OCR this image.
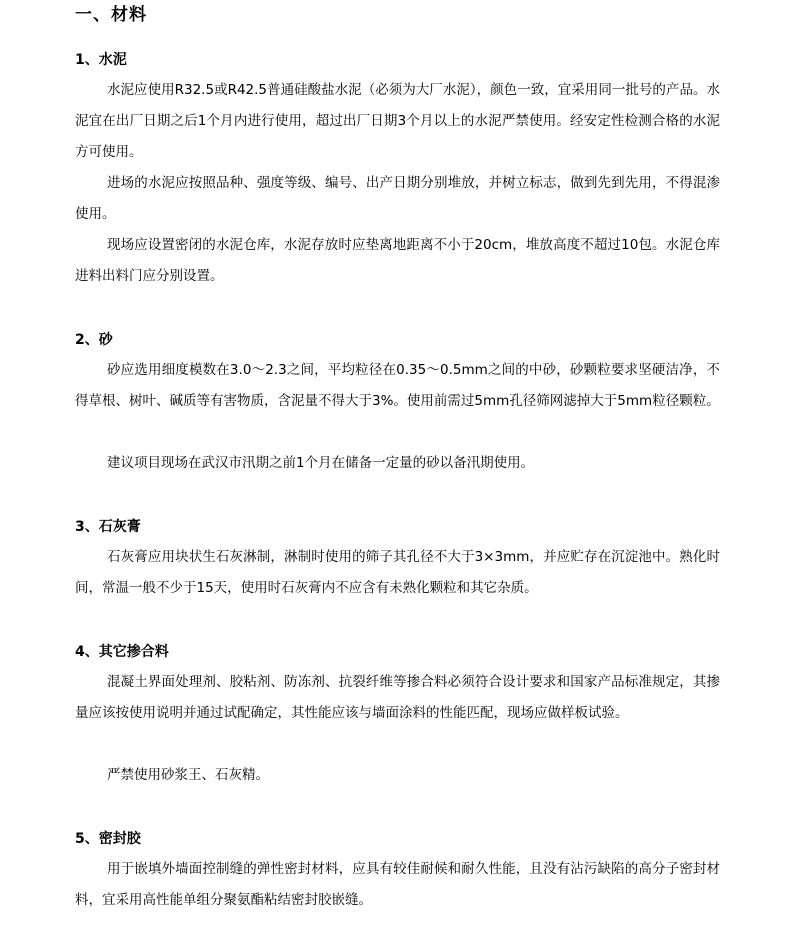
一、材料
1、水泥

水泥应使用R32.5或R42.5普通硅酸盐水泥（必须为大厂水泥），颜色一致，宜采用同一批号的产品。水泥宜在出厂日期之后1个月内进行使用，超过出厂日期3个月以上的水泥严禁使用。经安定性检测合格的水泥方可使用。

进场的水泥应按照品种、强度等级、编号、出产日期分别堆放，并树立标志，做到先到先用，不得混渗使用。

现场应设置密闭的水泥仓库，水泥存放时应垫离地距离不小于20cm，堆放高度不超过10包。水泥仓库进料出料门应分别设置。

2、砂

砂应选用细度模数在3.0～2.3之间，平均粒径在0.35～0.5mm之间的中砂，砂颗粒要求坚硬洁净，不得草根、树叶、碱质等有害物质，含泥量不得大于3%。使用前需过5mm孔径筛网滤掉大于5mm粒径颗粒。

建议项目现场在武汉市汛期之前1个月在储备一定量的砂以备汛期使用。

3、石灰膏

石灰膏应用块状生石灰淋制，淋制时使用的筛子其孔径不大于3×3mm，并应贮存在沉淀池中。熟化时间，常温一般不少于15天，使用时石灰膏内不应含有未熟化颗粒和其它杂质。

4、其它掺合料

混凝土界面处理剂、胶粘剂、防冻剂、抗裂纤维等掺合料必须符合设计要求和国家产品标准规定，其掺量应该按使用说明并通过试配确定，其性能应该与墙面涂料的性能匹配，现场应做样板试验。

严禁使用砂浆王、石灰精。

5、密封胶

用于嵌填外墙面控制缝的弹性密封材料，应具有较佳耐候和耐久性能，且没有沾污缺陷的高分子密封材料，宜采用高性能单组分聚氨酯粘结密封胶嵌缝。
